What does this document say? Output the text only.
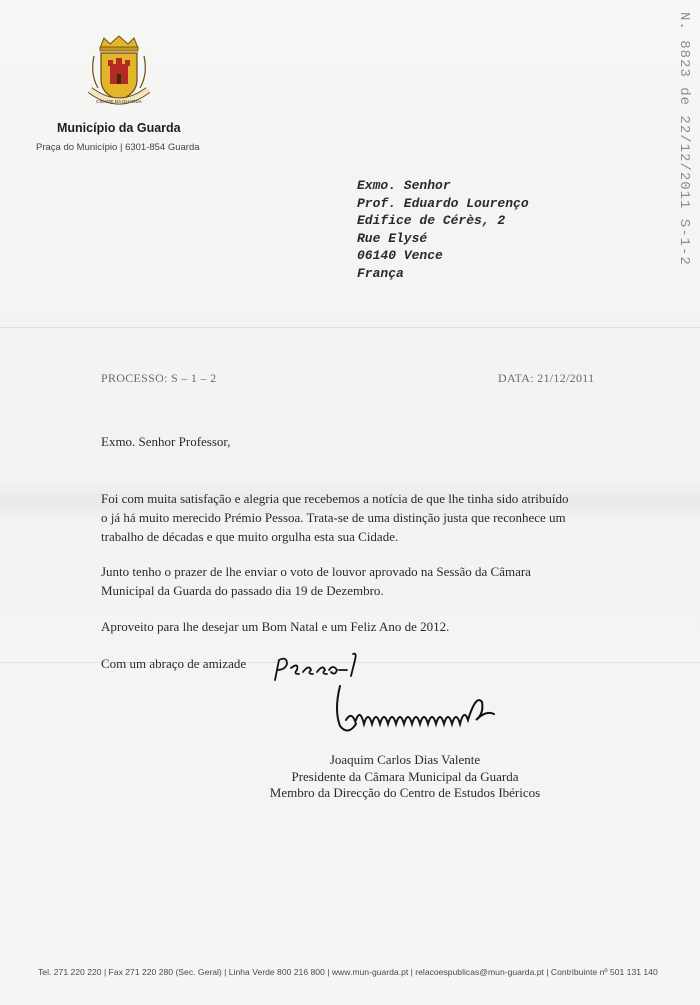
CIDADE DA GUARDA
Município da Guarda
Praça do Município | 6301-854 Guarda	N. 8823 de 22/12/2011 S-1-2
Exmo. Senhor
Prof. Eduardo Lourenço
Edifice de Cérès, 2
Rue Elysé
06140 Vence
França
PROCESSO: S – 1 – 2	DATA: 21/12/2011
Exmo. Senhor Professor,
Foi com muita satisfação e alegria que recebemos a notícia de que lhe tinha sido atribuído o já há muito merecido Prémio Pessoa. Trata-se de uma distinção justa que reconhece um trabalho de décadas e que muito orgulha esta sua Cidade.
Junto tenho o prazer de lhe enviar o voto de louvor aprovado na Sessão da Câmara Municipal da Guarda do passado dia 19 de Dezembro.
Aproveito para lhe desejar um Bom Natal e um Feliz Ano de 2012.
Com um abraço de amizade
Joaquim Carlos Dias Valente
Presidente da Câmara Municipal da Guarda
Membro da Direcção do Centro de Estudos Ibéricos
Tel. 271 220 220 | Fax 271 220 280 (Sec. Geral) | Linha Verde 800 216 800 | www.mun-guarda.pt | relacoespublicas@mun-guarda.pt | Contribuinte nº 501 131 140
